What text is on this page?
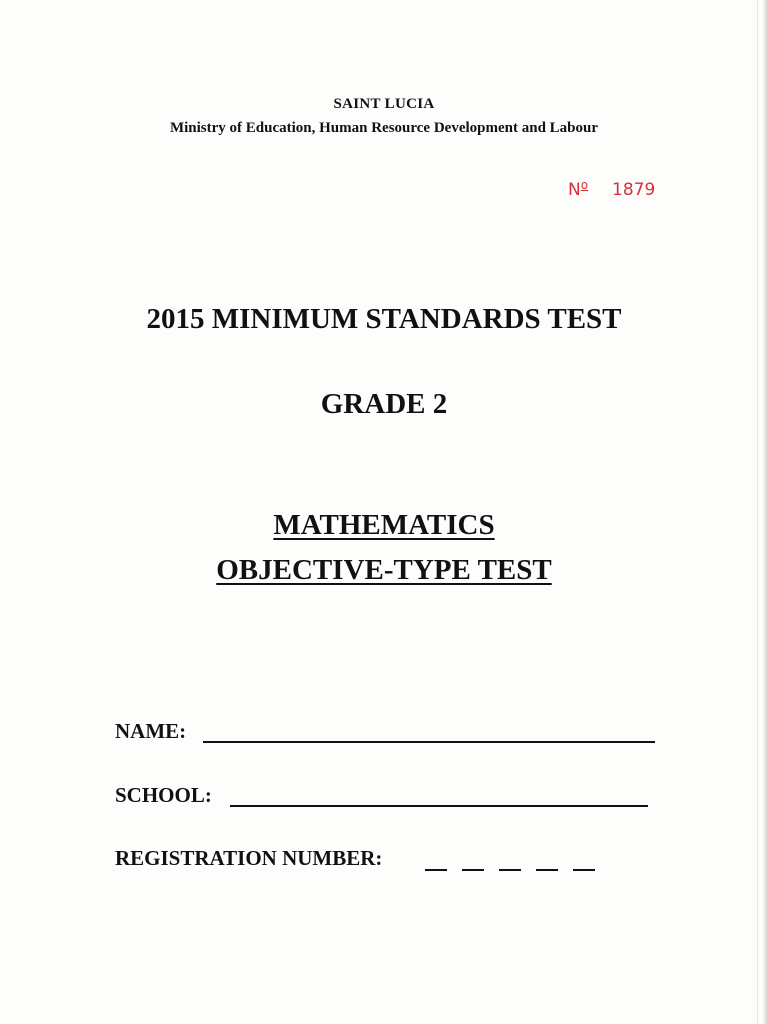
SAINT LUCIA
Ministry of Education, Human Resource Development and Labour
$N^o$ 1879
2015 MINIMUM STANDARDS TEST
GRADE 2
MATHEMATICS
OBJECTIVE-TYPE TEST
NAME:
SCHOOL:
REGISTRATION NUMBER:
